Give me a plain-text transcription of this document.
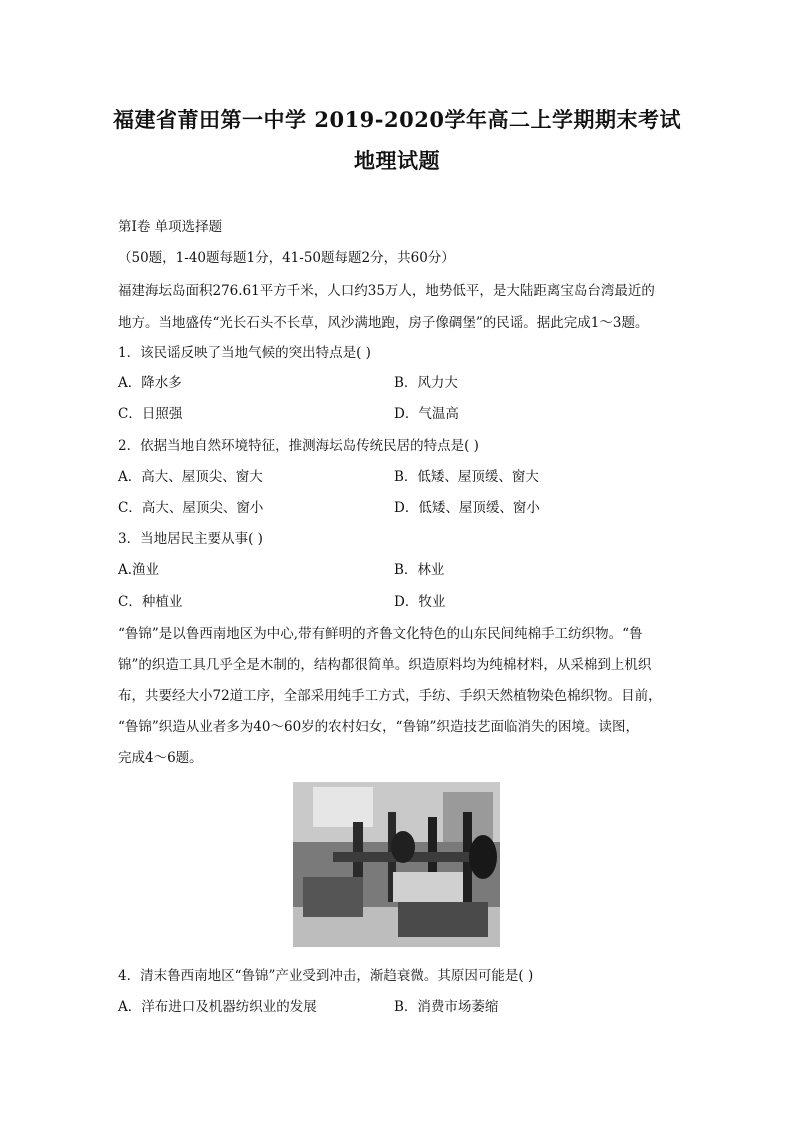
福建省莆田第一中学 2019-2020学年高二上学期期末考试
地理试题
第Ⅰ卷 单项选择题
（50题，1-40题每题1分，41-50题每题2分，共60分）
福建海坛岛面积276.61平方千米，人口约35万人，地势低平，是大陆距离宝岛台湾最近的
地方。当地盛传“光长石头不长草，风沙满地跑，房子像碉堡”的民谣。据此完成1～3题。
1．该民谣反映了当地气候的突出特点是( )
A．降水多	B．风力大
C．日照强	D．气温高
2．依据当地自然环境特征，推测海坛岛传统民居的特点是( )
A．高大、屋顶尖、窗大	B．低矮、屋顶缓、窗大
C．高大、屋顶尖、窗小	D．低矮、屋顶缓、窗小
3．当地居民主要从事( )
A.渔业	B．林业
C．种植业	D．牧业
“鲁锦”是以鲁西南地区为中心,带有鲜明的齐鲁文化特色的山东民间纯棉手工纺织物。“鲁
锦”的织造工具几乎全是木制的，结构都很简单。织造原料均为纯棉材料，从采棉到上机织
布，共要经大小72道工序，全部采用纯手工方式，手纺、手织天然植物染色棉织物。目前，
“鲁锦”织造从业者多为40～60岁的农村妇女，“鲁锦”织造技艺面临消失的困境。读图，
完成4～6题。
4．清末鲁西南地区“鲁锦”产业受到冲击，渐趋衰微。其原因可能是( )
A．洋布进口及机器纺织业的发展	B．消费市场萎缩
